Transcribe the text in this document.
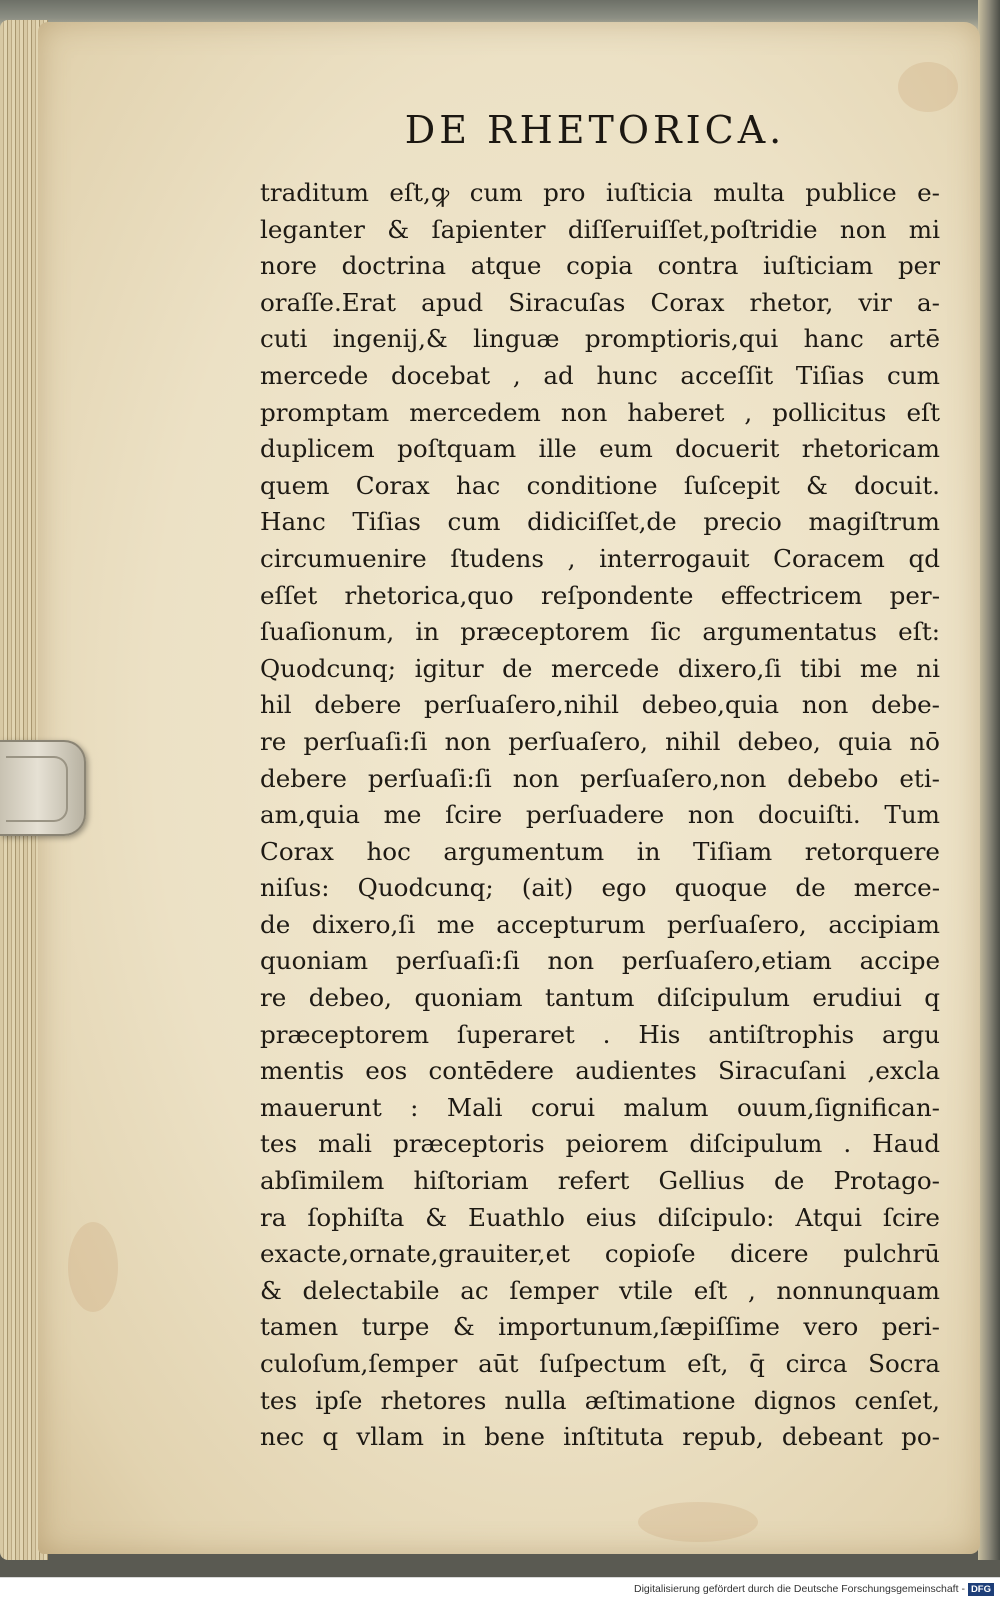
DE RHETORICA.
traditum eſt,ꝙ cum pro iuſticia multa publice e-
leganter & ſapienter diſſeruiſſet,poſtridie non mi
nore doctrina atque copia contra iuſticiam per
oraſſe.Erat apud Siracuſas Corax rhetor, vir a-
cuti ingenij,& linguæ promptioris,qui hanc artē
mercede docebat , ad hunc acceſſit Tiſias cum
promptam mercedem non haberet , pollicitus eſt
duplicem poſtquam ille eum docuerit rhetoricam
quem Corax hac conditione ſuſcepit & docuit.
Hanc Tiſias cum didiciſſet,de precio magiſtrum
circumuenire ſtudens , interrogauit Coracem qd
eſſet rhetorica,quo reſpondente effectricem per-
ſuaſionum, in præceptorem ſic argumentatus eſt:
Quodcunq; igitur de mercede dixero,ſi tibi me ni
hil debere perſuaſero,nihil debeo,quia non debe-
re perſuaſi:ſi non perſuaſero, nihil debeo, quia nō
debere perſuaſi:ſi non perſuaſero,non debebo eti-
am,quia me ſcire perſuadere non docuiſti. Tum
Corax hoc argumentum in Tiſiam retorquere
niſus: Quodcunq; (ait) ego quoque de merce-
de dixero,ſi me accepturum perſuaſero, accipiam
quoniam perſuaſi:ſi non perſuaſero,etiam accipe
re debeo, quoniam tantum diſcipulum erudiui q
præceptorem ſuperaret . His antiſtrophis argu
mentis eos contēdere audientes Siracuſani ,excla
mauerunt : Mali corui malum ouum,ſignifican-
tes mali præceptoris peiorem diſcipulum . Haud
abſimilem hiſtoriam refert Gellius de Protago-
ra ſophiſta & Euathlo eius diſcipulo: Atqui ſcire
exacte,ornate,grauiter,et copioſe dicere pulchrū
& delectabile ac ſemper vtile eſt , nonnunquam
tamen turpe & importunum,ſæpiſſime vero peri-
culoſum,ſemper aūt ſuſpectum eſt, q̄ circa Socra
tes ipſe rhetores nulla æſtimatione dignos cenſet,
nec q vllam in bene inſtituta repub, debeant po-
Digitalisierung gefördert durch die Deutsche Forschungsgemeinschaft - DFG
